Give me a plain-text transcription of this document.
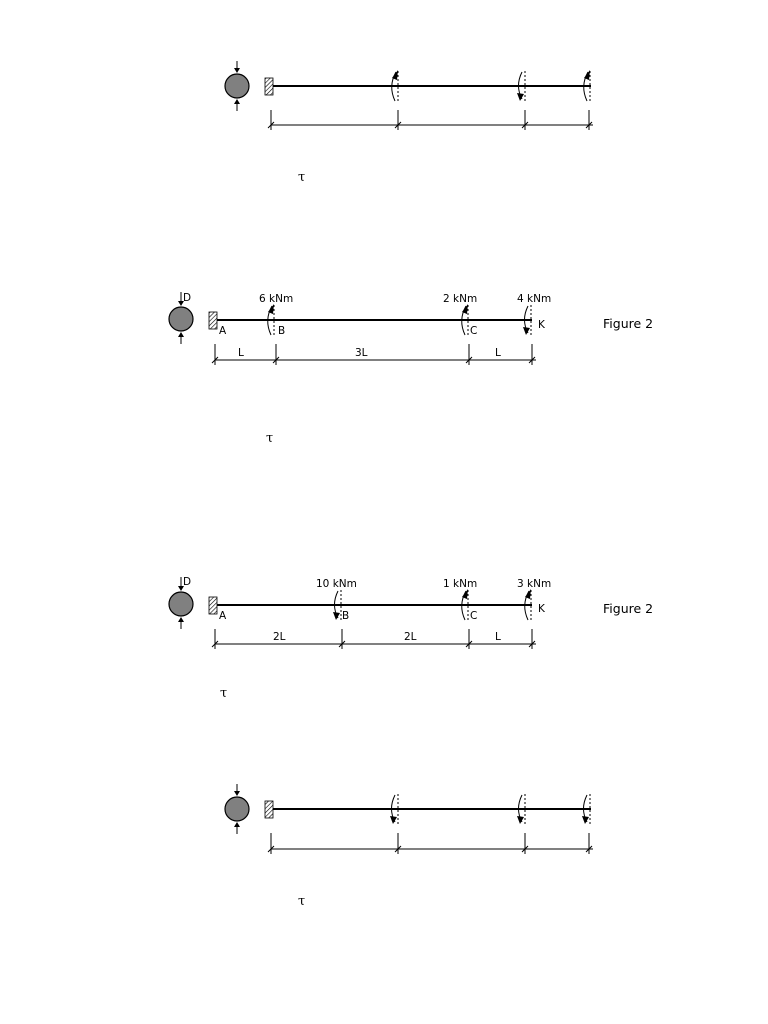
τ
D	6 kNm	2 kNm	4 kNm
A	B	C	K	Figure 2
L	3L	L
τ
D	10 kNm	1 kNm	3 kNm
A	B	C
K	Figure 2
2L	2L	L
τ
τ
